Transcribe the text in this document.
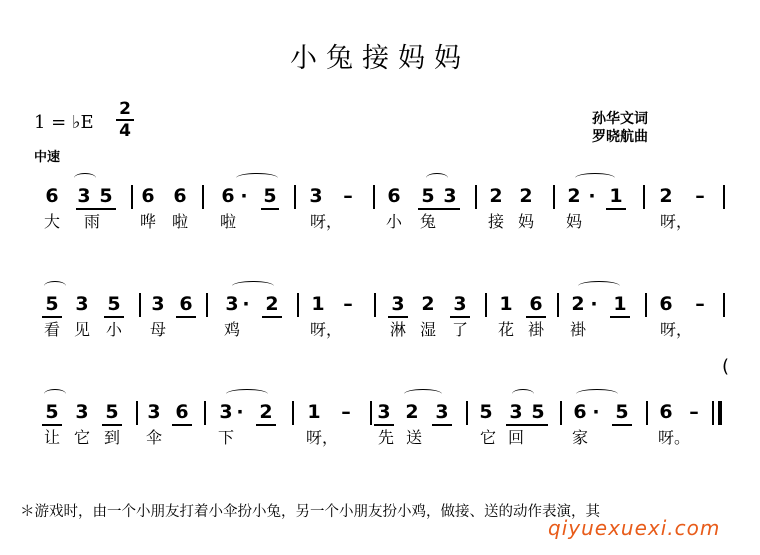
小兔接妈妈
1 = ♭E
2
4
中速
孙华文词
罗晓航曲
6 3 5 6 6 6 · 5 3 – 6 5 3 2 2 2 · 1 2 –
大 雨 哗 啦 啦	呀，	小 兔	接 妈 妈	呀，
5 3 5 3 6 3 · 2 1 – 3 2 3 1 6 2 · 1 6 –
看 见 小 母	鸡	呀，	淋 湿 了 花 褂 褂	呀，
(
5 3 5 3 6 3 · 2 1 – 3 2 3 5 3 5 6 · 5 6 –
让 它 到 伞	下	呀， 先 送	它 回	家	呀。
＊游戏时，由一个小朋友打着小伞扮小兔，另一个小朋友扮小鸡，做接、送的动作表演，其
qiyuexuexi.com
